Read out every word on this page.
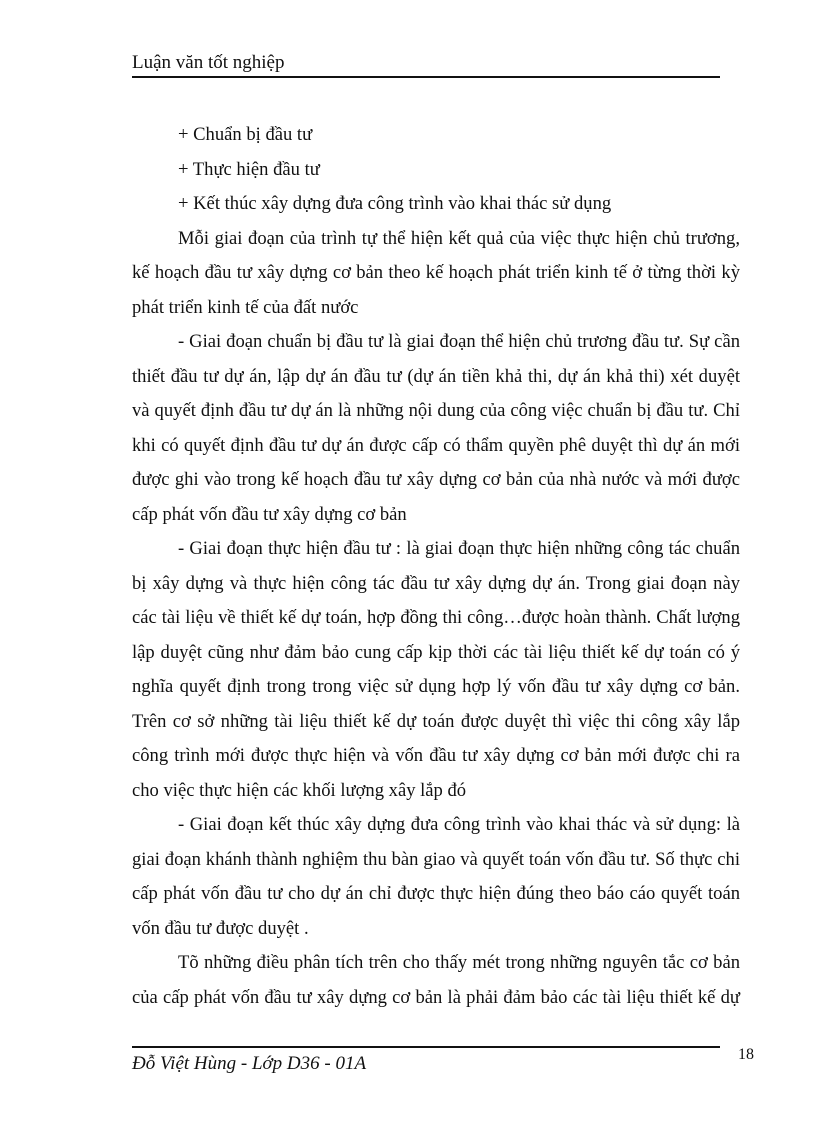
Luận văn tốt nghiệp
+ Chuẩn bị đầu tư
+ Thực hiện đầu tư
+ Kết thúc xây dựng đưa công trình vào khai thác sử dụng
Mỗi giai đoạn của trình tự thể hiện kết quả của việc thực hiện chủ trương,
kế hoạch đầu tư xây dựng cơ bản theo kế hoạch phát triển kinh tế ở từng thời kỳ
phát triển kinh tế của đất nước
- Giai đoạn chuẩn bị đầu tư là giai đoạn thể hiện chủ trương đầu tư. Sự cần
thiết đầu tư dự án, lập dự án đầu tư (dự án tiền khả thi, dự án khả thi) xét duyệt
và quyết định đầu tư dự án là những nội dung của công việc chuẩn bị đầu tư. Chỉ
khi có quyết định đầu tư dự án được cấp có thẩm quyền phê duyệt thì dự án mới
được ghi vào trong kế hoạch đầu tư xây dựng cơ bản của nhà nước và mới được
cấp phát vốn đầu tư xây dựng cơ bản
- Giai đoạn thực hiện đầu tư : là giai đoạn thực hiện những công tác chuẩn
bị xây dựng và thực hiện công tác đầu tư xây dựng dự án. Trong giai đoạn này
các tài liệu về thiết kế dự toán, hợp đồng thi công…được hoàn thành. Chất lượng
lập duyệt cũng như đảm bảo cung cấp kịp thời các tài liệu thiết kế dự toán có ý
nghĩa quyết định trong trong việc sử dụng hợp lý vốn đầu tư xây dựng cơ bản.
Trên cơ sở những tài liệu thiết kế dự toán được duyệt thì việc thi công xây lắp
công trình mới được thực hiện và vốn đầu tư xây dựng cơ bản mới được chi ra
cho việc thực hiện các khối lượng xây lắp đó
- Giai đoạn kết thúc xây dựng đưa công trình vào khai thác và sử dụng: là
giai đoạn khánh thành nghiệm thu bàn giao và quyết toán vốn đầu tư. Số thực chi
cấp phát vốn đầu tư cho dự án chỉ được thực hiện đúng theo báo cáo quyết toán
vốn đầu tư được duyệt .
Tõ những điều phân tích trên cho thấy mét trong những nguyên tắc cơ bản
của cấp phát vốn đầu tư xây dựng cơ bản là phải đảm bảo các tài liệu thiết kế dự
Đỗ Việt Hùng - Lớp D36 - 01A	18
